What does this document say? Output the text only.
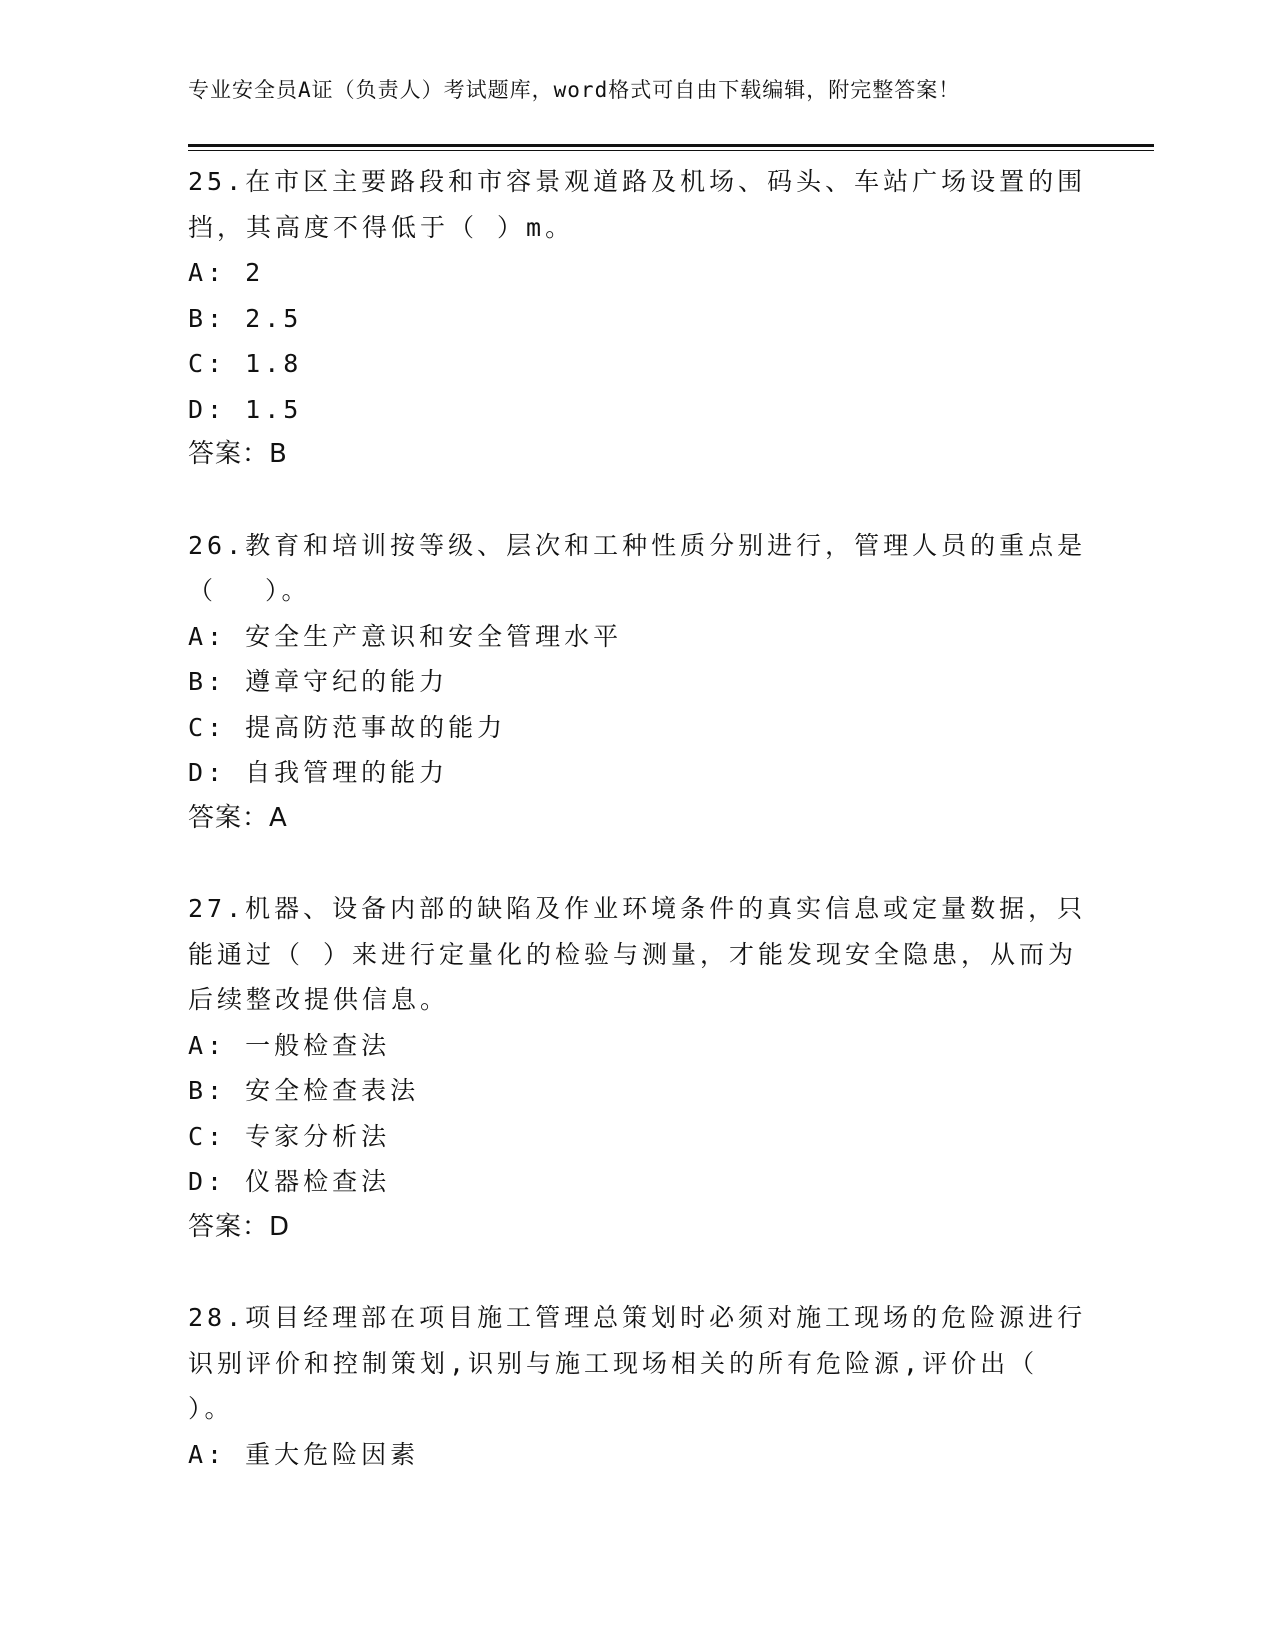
专业安全员A证（负责人）考试题库，word格式可自由下载编辑，附完整答案！

25.在市区主要路段和市容景观道路及机场、码头、车站广场设置的围挡，其高度不得低于（ ）m。

A: 2

B: 2.5

C: 1.8

D: 1.5

答案：B

26.教育和培训按等级、层次和工种性质分别进行，管理人员的重点是（　 ）。

A: 安全生产意识和安全管理水平

B: 遵章守纪的能力

C: 提高防范事故的能力

D: 自我管理的能力

答案：A

27.机器、设备内部的缺陷及作业环境条件的真实信息或定量数据，只能通过（ ）来进行定量化的检验与测量，才能发现安全隐患，从而为后续整改提供信息。

A: 一般检查法

B: 安全检查表法

C: 专家分析法

D: 仪器检查法

答案：D

28.项目经理部在项目施工管理总策划时必须对施工现场的危险源进行识别评价和控制策划,识别与施工现场相关的所有危险源,评价出（ ）。

A: 重大危险因素
